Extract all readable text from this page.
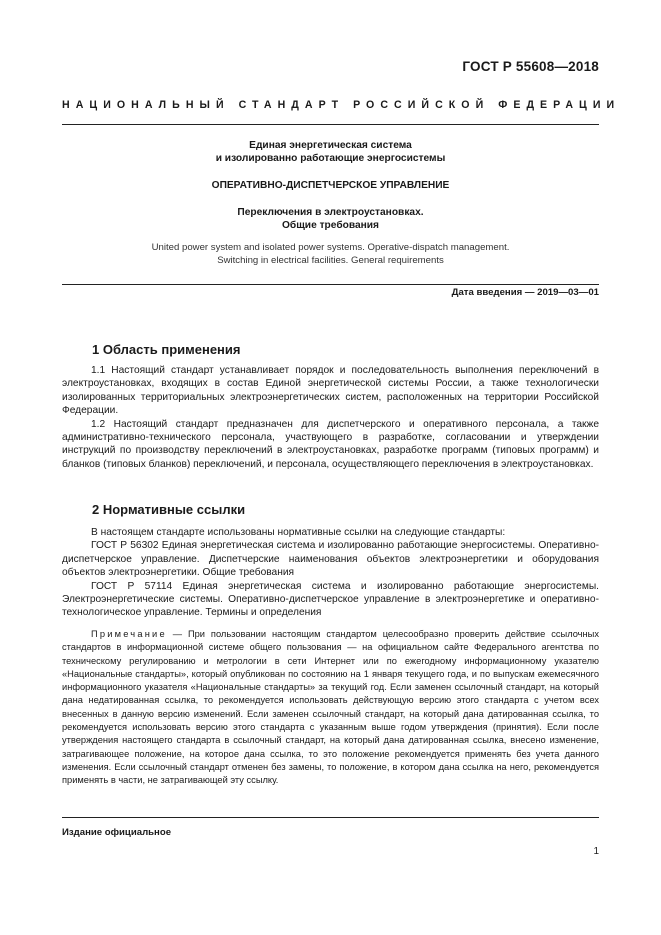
ГОСТ Р 55608—2018
НАЦИОНАЛЬНЫЙ СТАНДАРТ РОССИЙСКОЙ ФЕДЕРАЦИИ
Единая энергетическая система
и изолированно работающие энергосистемы
ОПЕРАТИВНО-ДИСПЕТЧЕРСКОЕ УПРАВЛЕНИЕ
Переключения в электроустановках.
Общие требования
United power system and isolated power systems. Operative-dispatch management.
Switching in electrical facilities. General requirements
Дата введения — 2019—03—01
1 Область применения

1.1 Настоящий стандарт устанавливает порядок и последовательность выполнения переключений в электроустановках, входящих в состав Единой энергетической системы России, а также технологически изолированных территориальных электроэнергетических систем, расположенных на территории Российской Федерации.

1.2 Настоящий стандарт предназначен для диспетчерского и оперативного персонала, а также административно-технического персонала, участвующего в разработке, согласовании и утверждении инструкций по производству переключений в электроустановках, разработке программ (типовых программ) и бланков (типовых бланков) переключений, и персонала, осуществляющего переключения в электроустановках.

2 Нормативные ссылки

В настоящем стандарте использованы нормативные ссылки на следующие стандарты:

ГОСТ Р 56302 Единая энергетическая система и изолированно работающие энергосистемы. Оперативно-диспетчерское управление. Диспетчерские наименования объектов электроэнергетики и оборудования объектов электроэнергетики. Общие требования

ГОСТ Р 57114 Единая энергетическая система и изолированно работающие энергосистемы. Электроэнергетические системы. Оперативно-диспетчерское управление в электроэнергетике и оперативно-технологическое управление. Термины и определения

Примечание — При пользовании настоящим стандартом целесообразно проверить действие ссылочных стандартов в информационной системе общего пользования — на официальном сайте Федерального агентства по техническому регулированию и метрологии в сети Интернет или по ежегодному информационному указателю «Национальные стандарты», который опубликован по состоянию на 1 января текущего года, и по выпускам ежемесячного информационного указателя «Национальные стандарты» за текущий год. Если заменен ссылочный стандарт, на который дана недатированная ссылка, то рекомендуется использовать действующую версию этого стандарта с учетом всех внесенных в данную версию изменений. Если заменен ссылочный стандарт, на который дана датированная ссылка, то рекомендуется использовать версию этого стандарта с указанным выше годом утверждения (принятия). Если после утверждения настоящего стандарта в ссылочный стандарт, на который дана датированная ссылка, внесено изменение, затрагивающее положение, на которое дана ссылка, то это положение рекомендуется применять без учета данного изменения. Если ссылочный стандарт отменен без замены, то положение, в котором дана ссылка на него, рекомендуется применять в части, не затрагивающей эту ссылку.

Издание официальное
1
